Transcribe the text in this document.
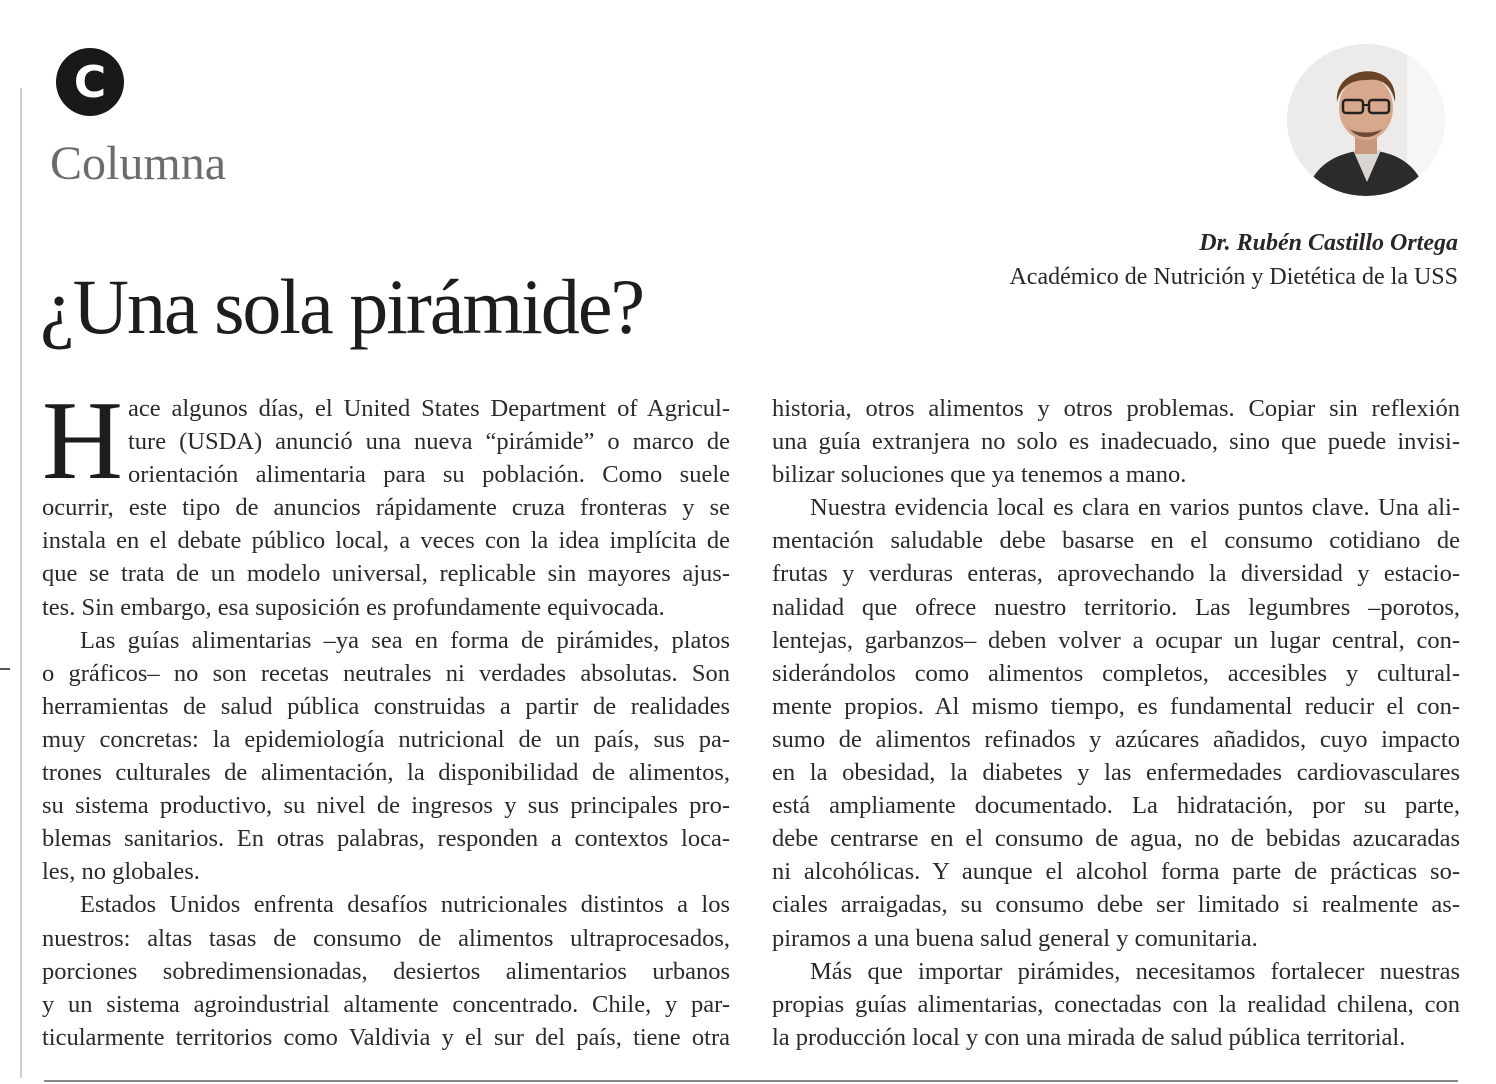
C
Columna
Dr. Rubén Castillo Ortega
Académico de Nutrición y Dietética de la USS
¿Una sola pirámide?
H ace algunos días, el United States Department of Agricul-
ture (USDA) anunció una nueva “pirámide” o marco de
orientación alimentaria para su población. Como suele
ocurrir, este tipo de anuncios rápidamente cruza fronteras y se
instala en el debate público local, a veces con la idea implícita de
que se trata de un modelo universal, replicable sin mayores ajus-
tes. Sin embargo, esa suposición es profundamente equivocada.
Las guías alimentarias –ya sea en forma de pirámides, platos
o gráficos– no son recetas neutrales ni verdades absolutas. Son
herramientas de salud pública construidas a partir de realidades
muy concretas: la epidemiología nutricional de un país, sus pa-
trones culturales de alimentación, la disponibilidad de alimentos,
su sistema productivo, su nivel de ingresos y sus principales pro-
blemas sanitarios. En otras palabras, responden a contextos loca-
les, no globales.
Estados Unidos enfrenta desafíos nutricionales distintos a los
nuestros: altas tasas de consumo de alimentos ultraprocesados,
porciones sobredimensionadas, desiertos alimentarios urbanos
y un sistema agroindustrial altamente concentrado. Chile, y par-
ticularmente territorios como Valdivia y el sur del país, tiene otra
historia, otros alimentos y otros problemas. Copiar sin reflexión
una guía extranjera no solo es inadecuado, sino que puede invisi-
bilizar soluciones que ya tenemos a mano.
Nuestra evidencia local es clara en varios puntos clave. Una ali-
mentación saludable debe basarse en el consumo cotidiano de
frutas y verduras enteras, aprovechando la diversidad y estacio-
nalidad que ofrece nuestro territorio. Las legumbres –porotos,
lentejas, garbanzos– deben volver a ocupar un lugar central, con-
siderándolos como alimentos completos, accesibles y cultural-
mente propios. Al mismo tiempo, es fundamental reducir el con-
sumo de alimentos refinados y azúcares añadidos, cuyo impacto
en la obesidad, la diabetes y las enfermedades cardiovasculares
está ampliamente documentado. La hidratación, por su parte,
debe centrarse en el consumo de agua, no de bebidas azucaradas
ni alcohólicas. Y aunque el alcohol forma parte de prácticas so-
ciales arraigadas, su consumo debe ser limitado si realmente as-
piramos a una buena salud general y comunitaria.
Más que importar pirámides, necesitamos fortalecer nuestras
propias guías alimentarias, conectadas con la realidad chilena, con
la producción local y con una mirada de salud pública territorial.
